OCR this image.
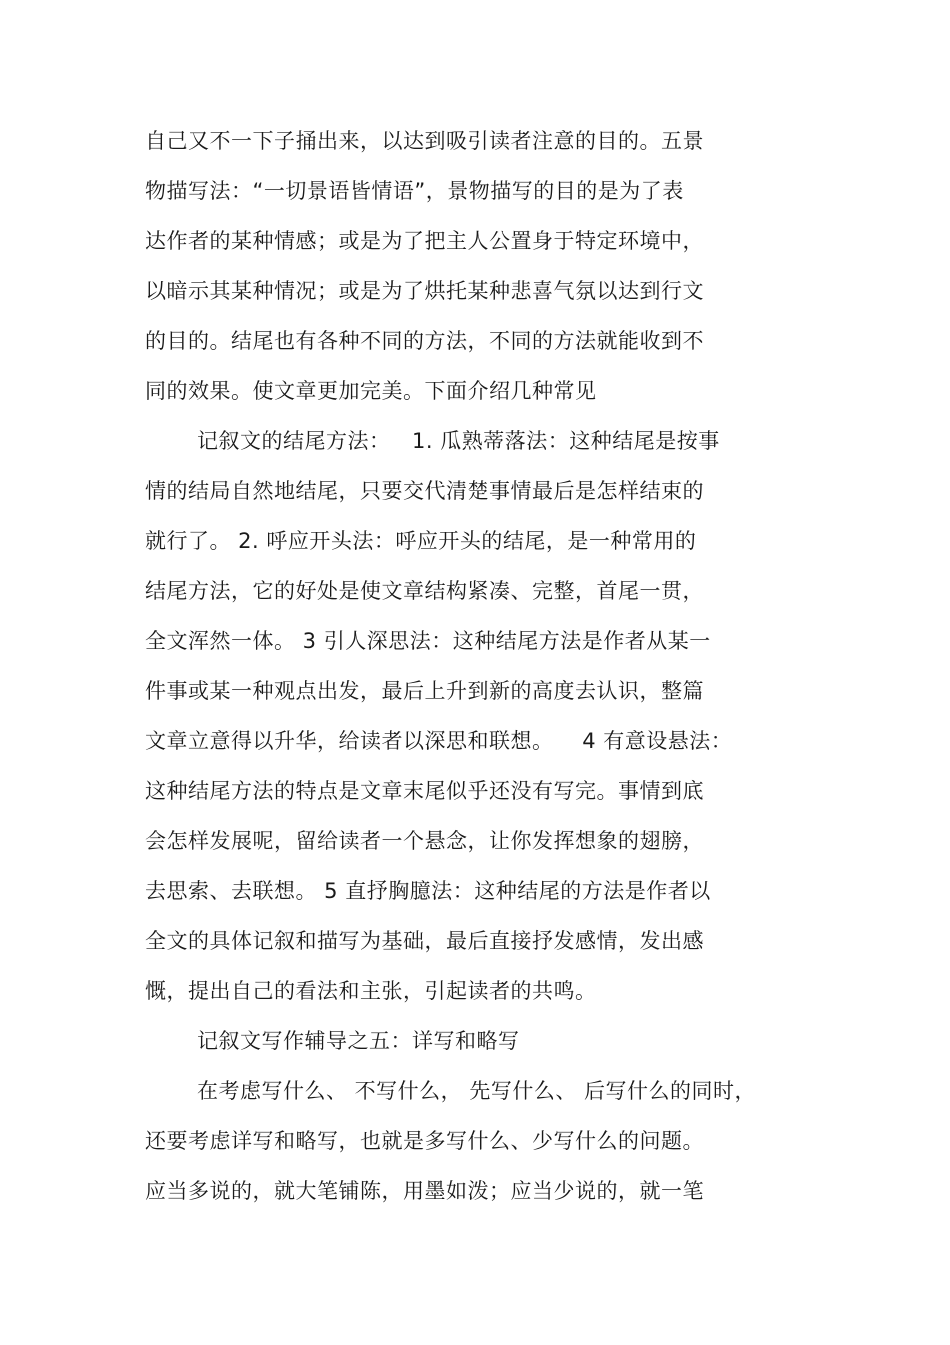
自己又不一下子捅出来，以达到吸引读者注意的目的。五景
物描写法：“一切景语皆情语”，景物描写的目的是为了表
达作者的某种情感；或是为了把主人公置身于特定环境中，
以暗示其某种情况；或是为了烘托某种悲喜气氛以达到行文
的目的。结尾也有各种不同的方法，不同的方法就能收到不
同的效果。使文章更加完美。下面介绍几种常见
记叙文的结尾方法：   1. 瓜熟蒂落法：这种结尾是按事
情的结局自然地结尾，只要交代清楚事情最后是怎样结束的
就行了。 2. 呼应开头法：呼应开头的结尾，是一种常用的
结尾方法，它的好处是使文章结构紧凑、完整，首尾一贯，
全文浑然一体。 3 引人深思法：这种结尾方法是作者从某一
件事或某一种观点出发，最后上升到新的高度去认识，整篇
文章立意得以升华，给读者以深思和联想。    4 有意设悬法：
这种结尾方法的特点是文章末尾似乎还没有写完。事情到底
会怎样发展呢，留给读者一个悬念，让你发挥想象的翅膀，
去思索、去联想。 5 直抒胸臆法：这种结尾的方法是作者以
全文的具体记叙和描写为基础，最后直接抒发感情，发出感
慨，提出自己的看法和主张，引起读者的共鸣。
记叙文写作辅导之五：详写和略写
在考虑写什么、 不写什么， 先写什么、 后写什么的同时，
还要考虑详写和略写，也就是多写什么、少写什么的问题。
应当多说的，就大笔铺陈，用墨如泼；应当少说的，就一笔
